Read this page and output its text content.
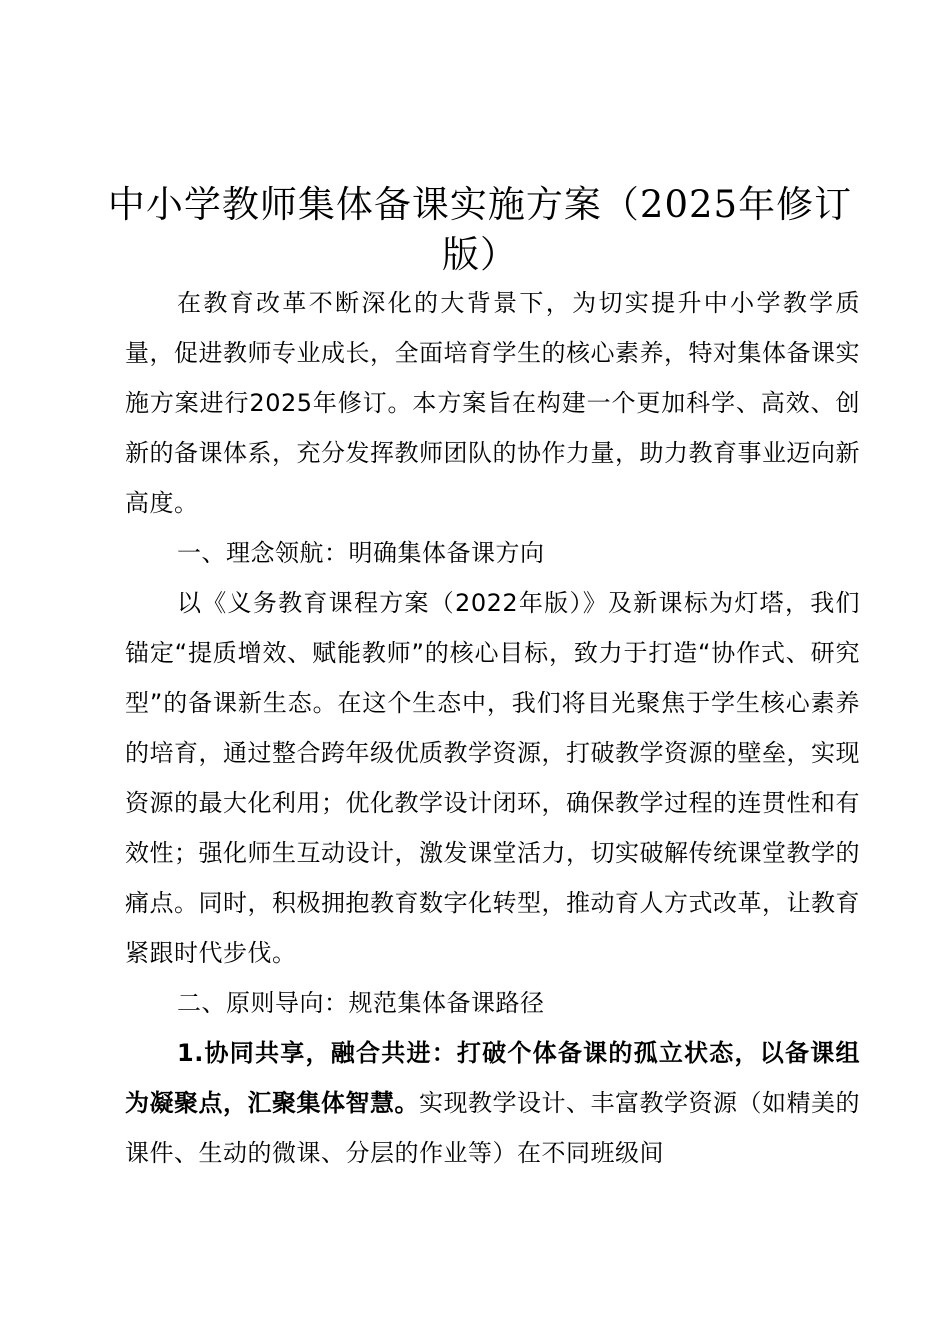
中小学教师集体备课实施方案（2025年修订版）

在教育改革不断深化的大背景下，为切实提升中小学教学质量，促进教师专业成长，全面培育学生的核心素养，特对集体备课实施方案进行2025年修订。本方案旨在构建一个更加科学、高效、创新的备课体系，充分发挥教师团队的协作力量，助力教育事业迈向新高度。

一、理念领航：明确集体备课方向

以《义务教育课程方案（2022年版）》及新课标为灯塔，我们锚定“提质增效、赋能教师”的核心目标，致力于打造“协作式、研究型”的备课新生态。在这个生态中，我们将目光聚焦于学生核心素养的培育，通过整合跨年级优质教学资源，打破教学资源的壁垒，实现资源的最大化利用；优化教学设计闭环，确保教学过程的连贯性和有效性；强化师生互动设计，激发课堂活力，切实破解传统课堂教学的痛点。同时，积极拥抱教育数字化转型，推动育人方式改革，让教育紧跟时代步伐。

二、原则导向：规范集体备课路径

1.协同共享，融合共进：打破个体备课的孤立状态，以备课组为凝聚点，汇聚集体智慧。实现教学设计、丰富教学资源（如精美的课件、生动的微课、分层的作业等）在不同班级间
